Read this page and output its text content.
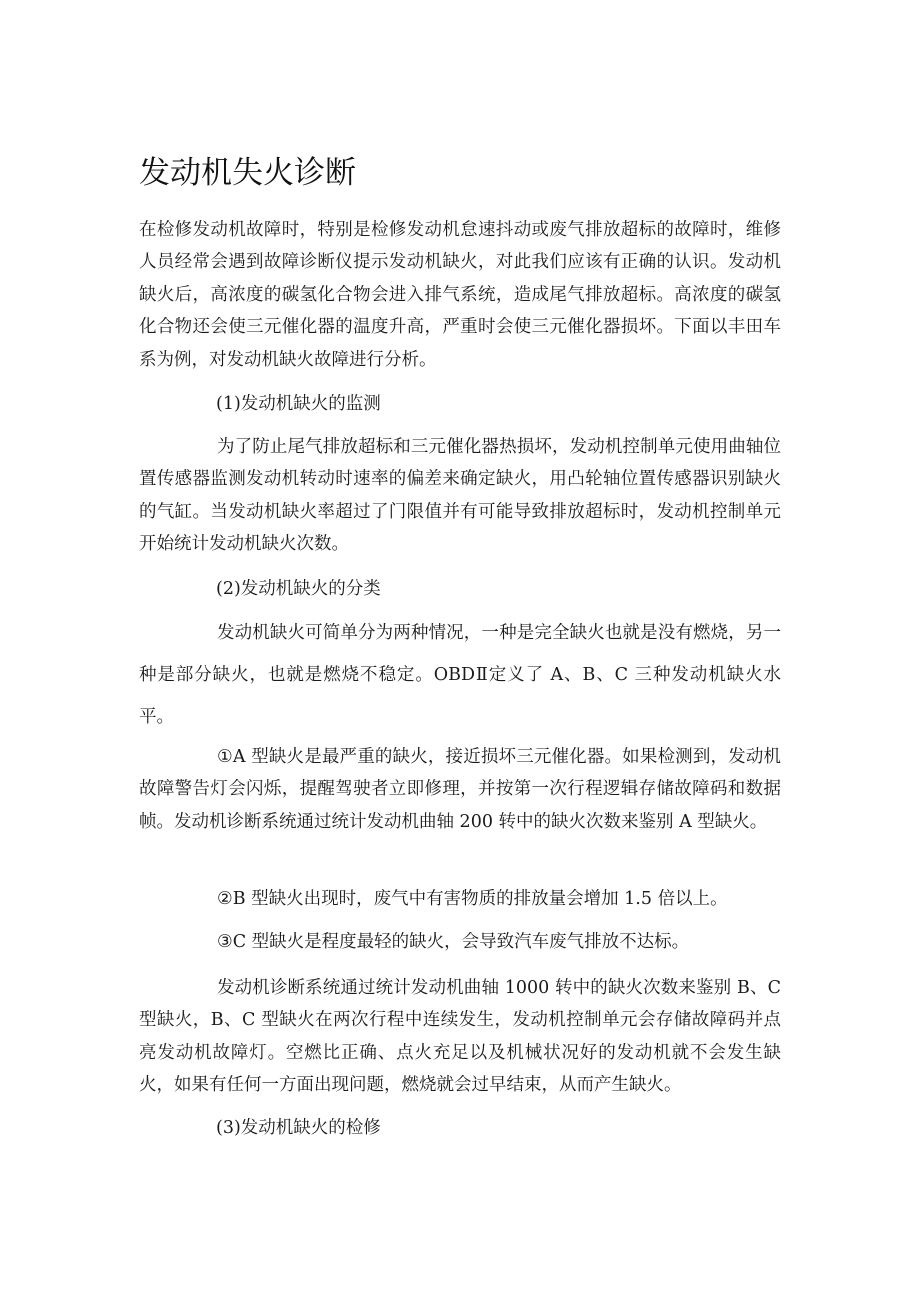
发动机失火诊断

在检修发动机故障时，特别是检修发动机怠速抖动或废气排放超标的故障时，维修人员经常会遇到故障诊断仪提示发动机缺火，对此我们应该有正确的认识。发动机缺火后，高浓度的碳氢化合物会进入排气系统，造成尾气排放超标。高浓度的碳氢化合物还会使三元催化器的温度升高，严重时会使三元催化器损坏。下面以丰田车系为例，对发动机缺火故障进行分析。

(1)发动机缺火的监测

为了防止尾气排放超标和三元催化器热损坏，发动机控制单元使用曲轴位置传感器监测发动机转动时速率的偏差来确定缺火，用凸轮轴位置传感器识别缺火的气缸。当发动机缺火率超过了门限值并有可能导致排放超标时，发动机控制单元开始统计发动机缺火次数。

(2)发动机缺火的分类

发动机缺火可简单分为两种情况，一种是完全缺火也就是没有燃烧，另一种是部分缺火，也就是燃烧不稳定。OBDⅡ定义了 A、B、C 三种发动机缺火水平。

①A 型缺火是最严重的缺火，接近损坏三元催化器。如果检测到，发动机故障警告灯会闪烁，提醒驾驶者立即修理，并按第一次行程逻辑存储故障码和数据帧。发动机诊断系统通过统计发动机曲轴 200 转中的缺火次数来鉴别 A 型缺火。

②B 型缺火出现时，废气中有害物质的排放量会增加 1.5 倍以上。

③C 型缺火是程度最轻的缺火，会导致汽车废气排放不达标。

发动机诊断系统通过统计发动机曲轴 1000 转中的缺火次数来鉴别 B、C 型缺火，B、C 型缺火在两次行程中连续发生，发动机控制单元会存储故障码并点亮发动机故障灯。空燃比正确、点火充足以及机械状况好的发动机就不会发生缺火，如果有任何一方面出现问题，燃烧就会过早结束，从而产生缺火。

(3)发动机缺火的检修
